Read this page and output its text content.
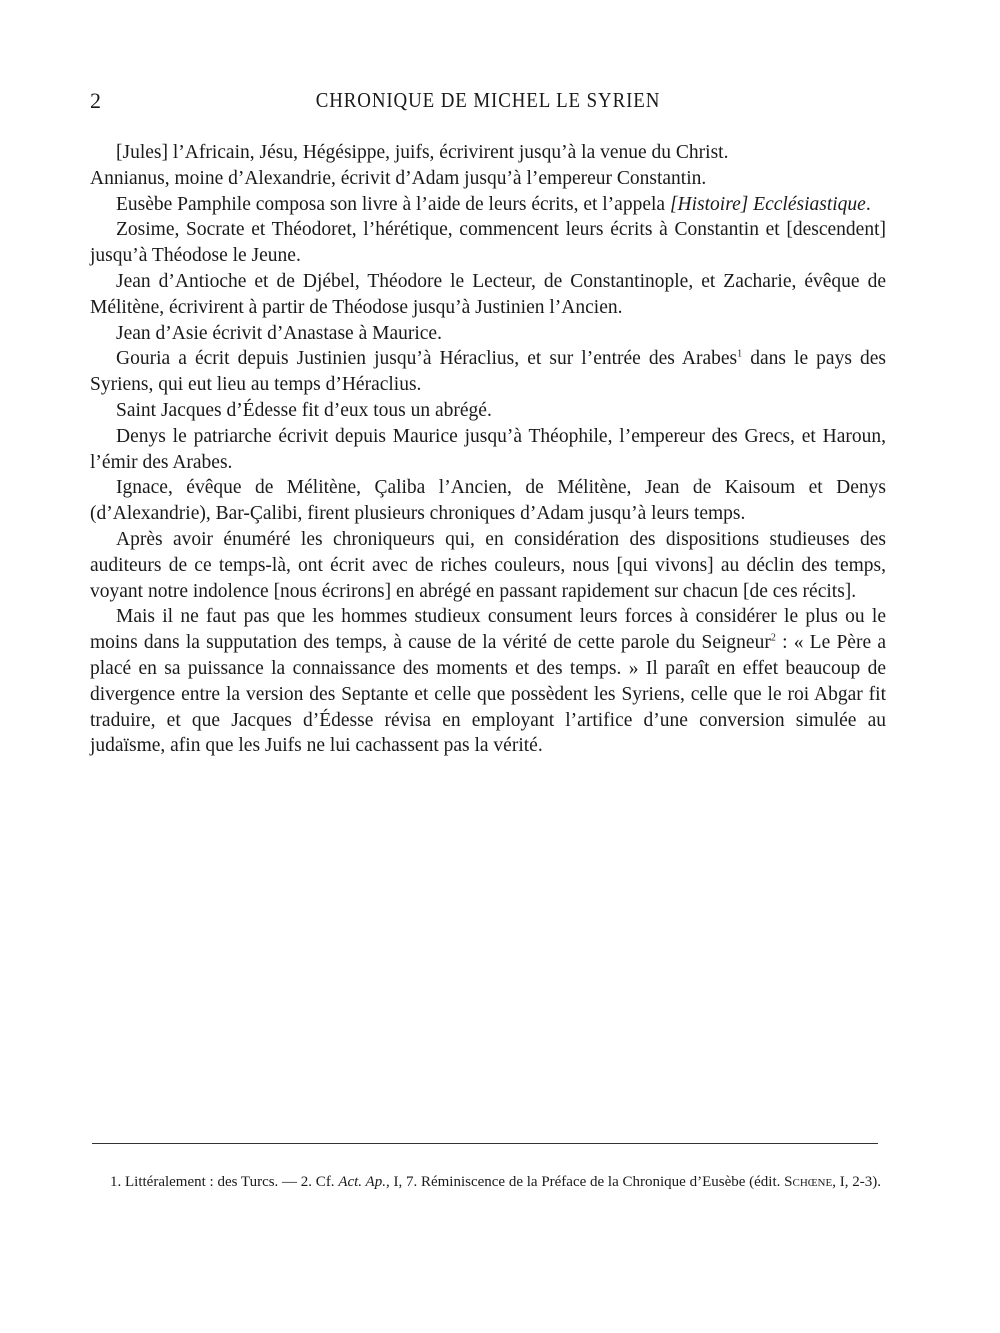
2	CHRONIQUE DE MICHEL LE SYRIEN

[Jules] l’Africain, Jésu, Hégésippe, juifs, écrivirent jusqu’à la venue du Christ.

Annianus, moine d’Alexandrie, écrivit d’Adam jusqu’à l’empereur Constantin.

Eusèbe Pamphile composa son livre à l’aide de leurs écrits, et l’appela [Histoire] Ecclésiastique.

Zosime, Socrate et Théodoret, l’hérétique, commencent leurs écrits à Constantin et [descendent] jusqu’à Théodose le Jeune.

Jean d’Antioche et de Djébel, Théodore le Lecteur, de Constantinople, et Zacharie, évêque de Mélitène, écrivirent à partir de Théodose jusqu’à Justinien l’Ancien.

Jean d’Asie écrivit d’Anastase à Maurice.

Gouria a écrit depuis Justinien jusqu’à Héraclius, et sur l’entrée des Arabes$^1$ dans le pays des Syriens, qui eut lieu au temps d’Héraclius.

Saint Jacques d’Édesse fit d’eux tous un abrégé.

Denys le patriarche écrivit depuis Maurice jusqu’à Théophile, l’empereur des Grecs, et Haroun, l’émir des Arabes.

Ignace, évêque de Mélitène, Çaliba l’Ancien, de Mélitène, Jean de Kaisoum et Denys (d’Alexandrie), Bar-Çalibi, firent plusieurs chroniques d’Adam jusqu’à leurs temps.

Après avoir énuméré les chroniqueurs qui, en considération des dispositions studieuses des auditeurs de ce temps-là, ont écrit avec de riches couleurs, nous [qui vivons] au déclin des temps, voyant notre indolence [nous écrirons] en abrégé en passant rapidement sur chacun [de ces récits].

Mais il ne faut pas que les hommes studieux consument leurs forces à considérer le plus ou le moins dans la supputation des temps, à cause de la vérité de cette parole du Seigneur$^2$ : « Le Père a placé en sa puissance la connaissance des moments et des temps. » Il paraît en effet beaucoup de divergence entre la version des Septante et celle que possèdent les Syriens, celle que le roi Abgar fit traduire, et que Jacques d’Édesse révisa en employant l’artifice d’une conversion simulée au judaïsme, afin que les Juifs ne lui cachassent pas la vérité.

1. Littéralement : des Turcs. — 2. Cf. Act. Ap., I, 7. Réminiscence de la Préface de la Chronique d’Eusèbe (édit. Schœne, I, 2-3).
